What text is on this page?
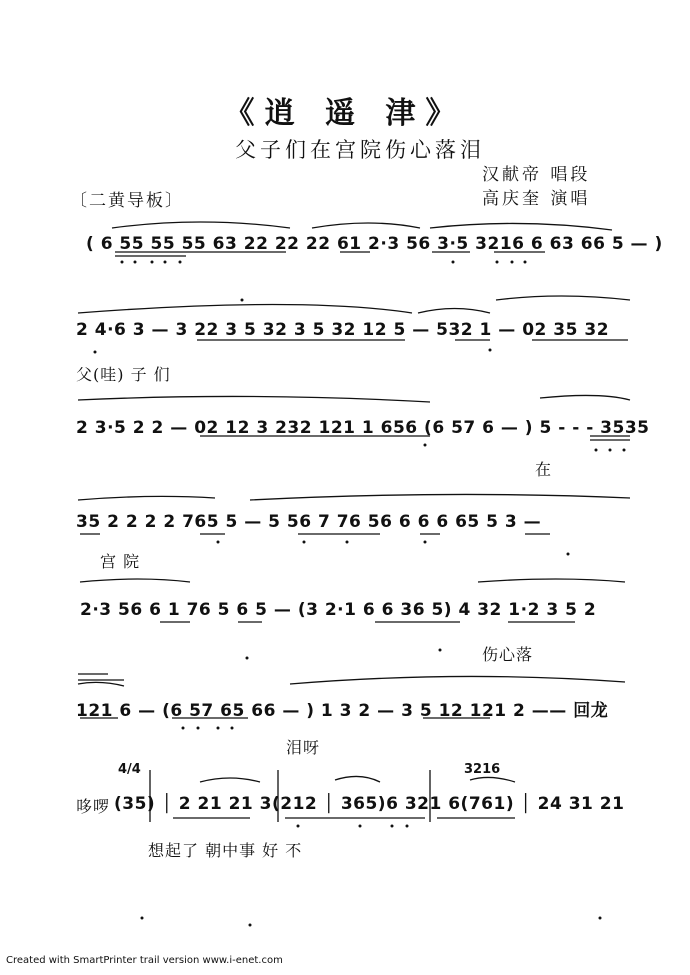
《逍 遥 津》
父子们在宫院伤心落泪
汉献帝 唱段
高庆奎 演唱
〔二黄导板〕
( 6 55 55 55 63 22 22 22 61 2·3 56 3·5 3216 6 63 66 5 — )
2 4·6 3 — 3 22 3 5 32 3 5 32 12 5 — 532 1 — 02 35 32
父(哇) 子 们
2 3·5 2 2 — 02 12 3 232 121 1 656 (6 57 6 — ) 5 - - - 3535
在
35 2 2 2 2 765 5 — 5 56 7 76 56 6 6 6 65 5 3 —
宫 院
2·3 56 6 1 76 5 6 5 — (3 2·1 6 6 36 5) 4 32 1·2 3 5 2
伤心落
121 6 — (6 57 65 66 — ) 1 3 2 — 3 5 12 121 2 —— 回龙
泪呀
4/4	3216
哆啰 (35) │ 2 21 21 3(212 │ 365)6 321 6(761) │ 24 31 21
想起了 朝中事 好 不
Created with SmartPrinter trail version www.i-enet.com
